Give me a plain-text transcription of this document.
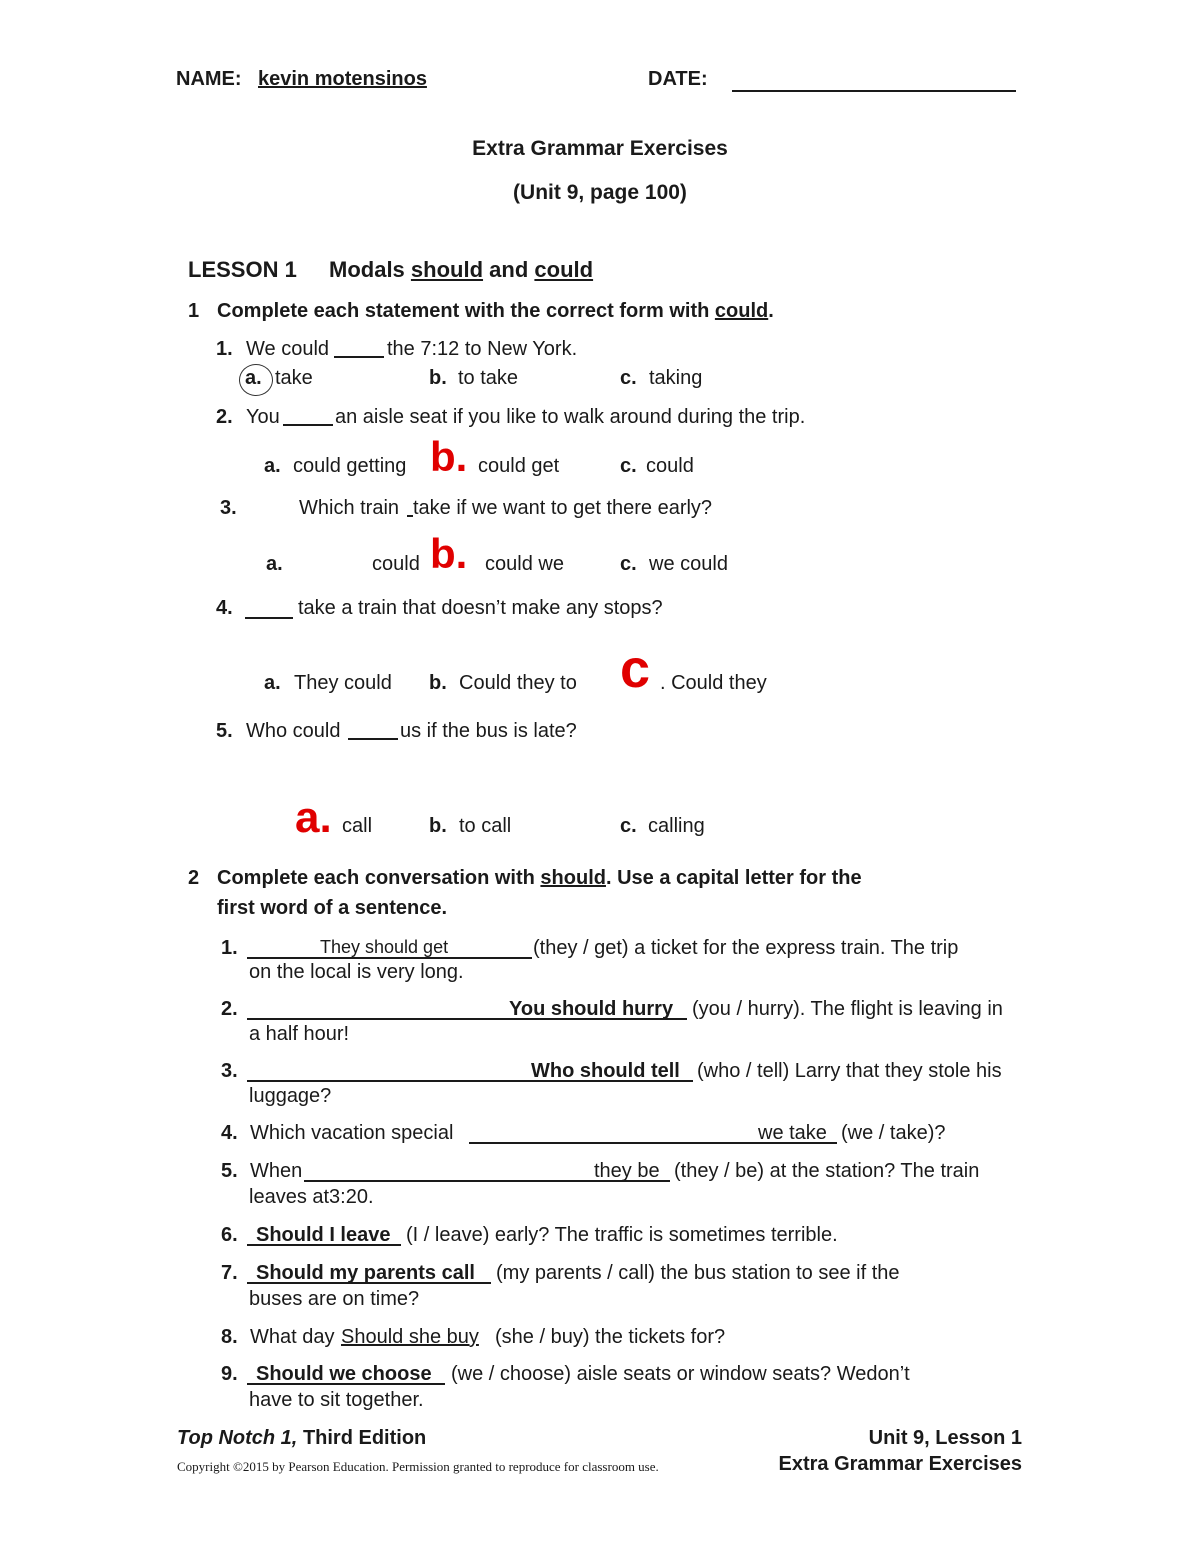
NAME: kevin motensinos	DATE:
Extra Grammar Exercises
(Unit 9, page 100)
LESSON 1 Modals should and could
1 Complete each statement with the correct form with could.
1. We could	the 7:12 to New York.
a. take	b. to take	c. taking
2. You	an aisle seat if you like to walk around during the trip.
a. could getting b. could get	c. could
3.	Which train take if we want to get there early?
a.	could b. could we	c. we could
4.	take a train that doesn’t make any stops?
a. They could b. Could they to c . Could they
5. Who could	us if the bus is late?
a. call	b. to call	c. calling
2 Complete each conversation with should. Use a capital letter for the
first word of a sentence.
1.	They should get	(they / get) a ticket for the express train. The trip
on the local is very long.
2.	You should hurry (you / hurry). The flight is leaving in
a half hour!
3.	Who should tell (who / tell) Larry that they stole his
luggage?
4. Which vacation special	we take (we / take)?
5. When	they be (they / be) at the station? The train
leaves at3:20.
6. Should I leave (I / leave) early? The traffic is sometimes terrible.
7. Should my parents call (my parents / call) the bus station to see if the
buses are on time?
8. What day Should she buy (she / buy) the tickets for?
9. Should we choose (we / choose) aisle seats or window seats? Wedon’t
have to sit together.
Top Notch 1, Third Edition	Unit 9, Lesson 1
Copyright ©2015 by Pearson Education. Permission granted to reproduce for classroom use.	Extra Grammar Exercises
